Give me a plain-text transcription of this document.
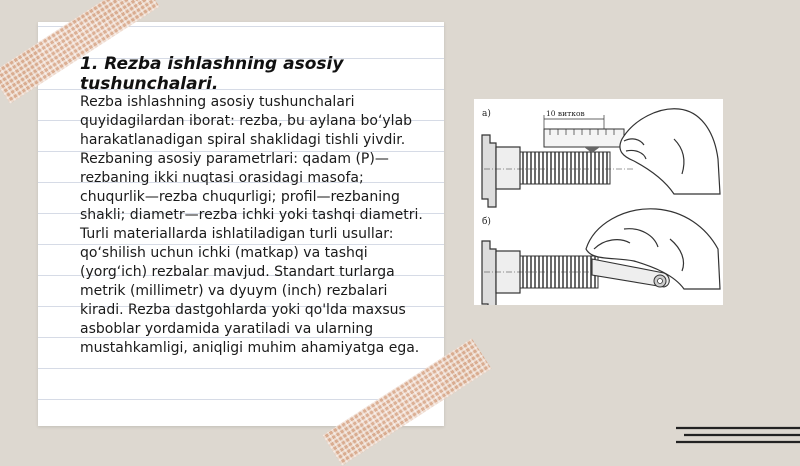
1. Rezba ishlashning asosiy tushunchalari.

Rezba ishlashning asosiy tushunchalari quyidagilardan iborat: rezba, bu aylana bo‘ylab harakatlanadigan spiral shaklidagi tishli yivdir. Rezbaning asosiy parametrlari: qadam (P)—rezbaning ikki nuqtasi orasidagi masofa; chuqurlik—rezba chuqurligi; profil—rezbaning shakli; diametr—rezba ichki yoki tashqi diametri. Turli materiallarda ishlatiladigan turli usullar: qo‘shilish uchun ichki (matkap) va tashqi (yorg‘ich) rezbalar mavjud. Standart turlarga metrik (millimetr) va dyuym (inch) rezbalari kiradi. Rezba dastgohlarda yoki qo'lda maxsus asboblar yordamida yaratiladi va ularning mustahkamligi, aniqligi muhim ahamiyatga ega.

а)	10 витков
б)
